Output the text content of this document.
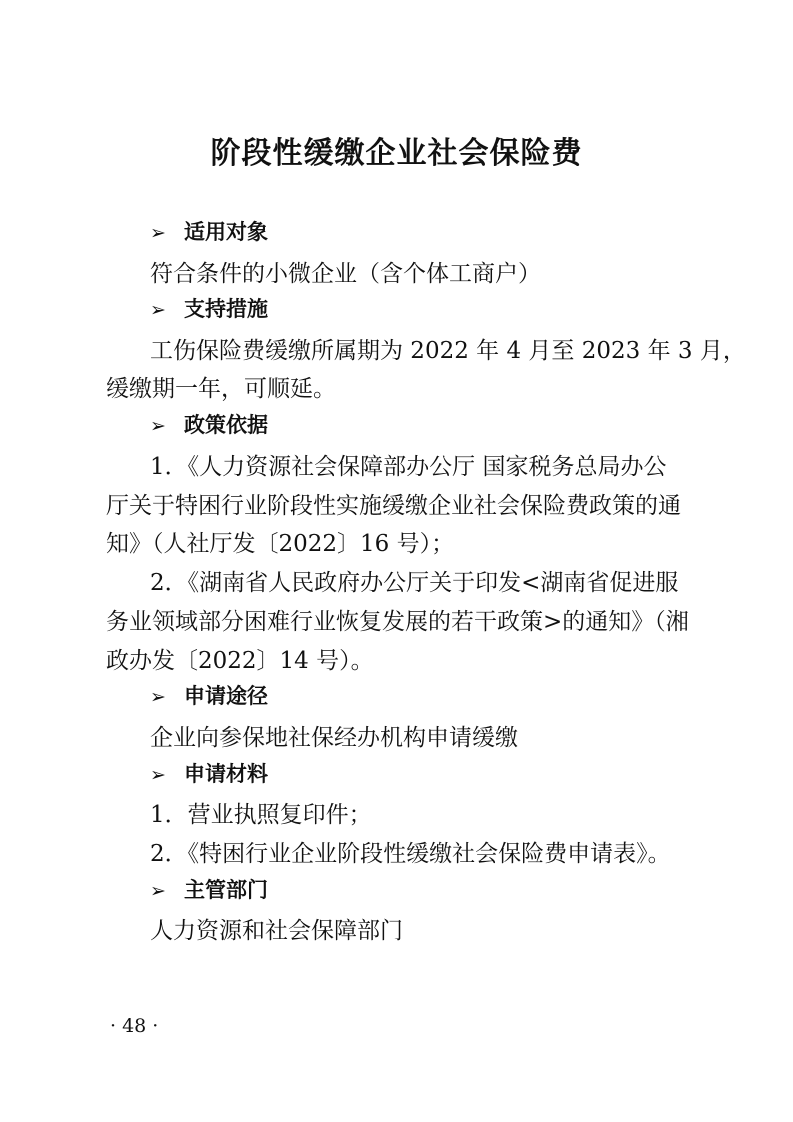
阶段性缓缴企业社会保险费
➢ 适用对象
符合条件的小微企业（含个体工商户）
➢ 支持措施
工伤保险费缓缴所属期为 2022 年 4 月至 2023 年 3 月，
缓缴期一年，可顺延。
➢ 政策依据
1．《人力资源社会保障部办公厅 国家税务总局办公
厅关于特困行业阶段性实施缓缴企业社会保险费政策的通
知》（人社厅发〔2022〕16 号）；
2．《湖南省人民政府办公厅关于印发<湖南省促进服
务业领域部分困难行业恢复发展的若干政策>的通知》（湘
政办发〔2022〕14 号）。
➢ 申请途径
企业向参保地社保经办机构申请缓缴
➢ 申请材料
1．营业执照复印件；
2．《特困行业企业阶段性缓缴社会保险费申请表》。
➢ 主管部门
人力资源和社会保障部门
· 48 ·
